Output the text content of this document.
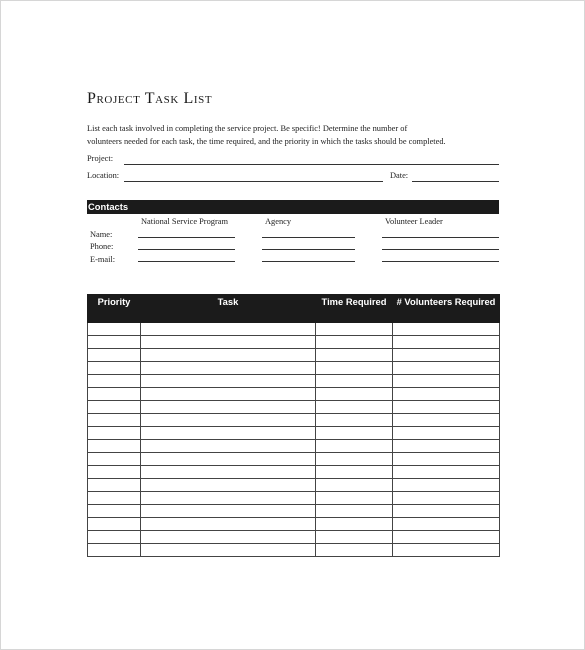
Project Task List
List each task involved in completing the service project. Be specific! Determine the number of
volunteers needed for each task, the time required, and the priority in which the tasks should be completed.
Project:
Location:	Date:
Contacts
National Service Program	Agency	Volunteer Leader
Name:
Phone:
E-mail:
Priority	Task	Time Required	# Volunteers Required
